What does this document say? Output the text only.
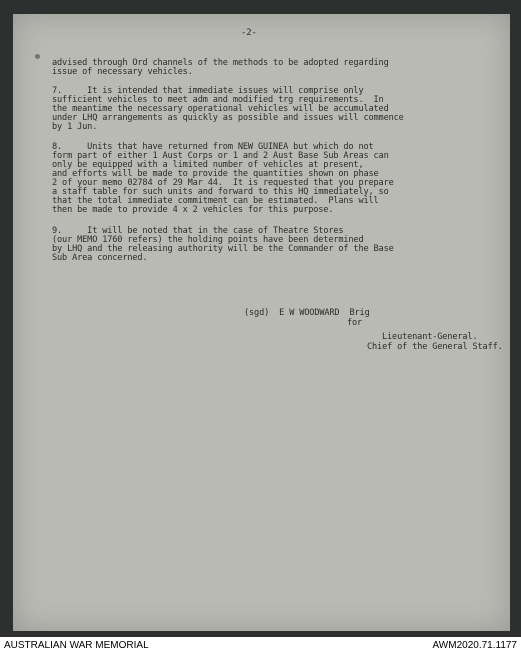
-2-
advised through Ord channels of the methods to be adopted regarding
issue of necessary vehicles.
7.     It is intended that immediate issues will comprise only
sufficient vehicles to meet adm and modified trg requirements.  In
the meantime the necessary operational vehicles will be accumulated
under LHQ arrangements as quickly as possible and issues will commence
by 1 Jun.
8.     Units that have returned from NEW GUINEA but which do not
form part of either 1 Aust Corps or 1 and 2 Aust Base Sub Areas can
only be equipped with a limited number of vehicles at present,
and efforts will be made to provide the quantities shown on phase
2 of your memo 02784 of 29 Mar 44.  It is requested that you prepare
a staff table for such units and forward to this HQ immediately, so
that the total immediate commitment can be estimated.  Plans will
then be made to provide 4 x 2 vehicles for this purpose.
9.     It will be noted that in the case of Theatre Stores
(our MEMO 1760 refers) the holding points have been determined
by LHQ and the releasing authority will be the Commander of the Base
Sub Area concerned.
(sgd)  E W WOODWARD  Brig
for
Lieutenant-General.
Chief of the General Staff.
AUSTRALIAN WAR MEMORIAL	AWM2020.71.1177
